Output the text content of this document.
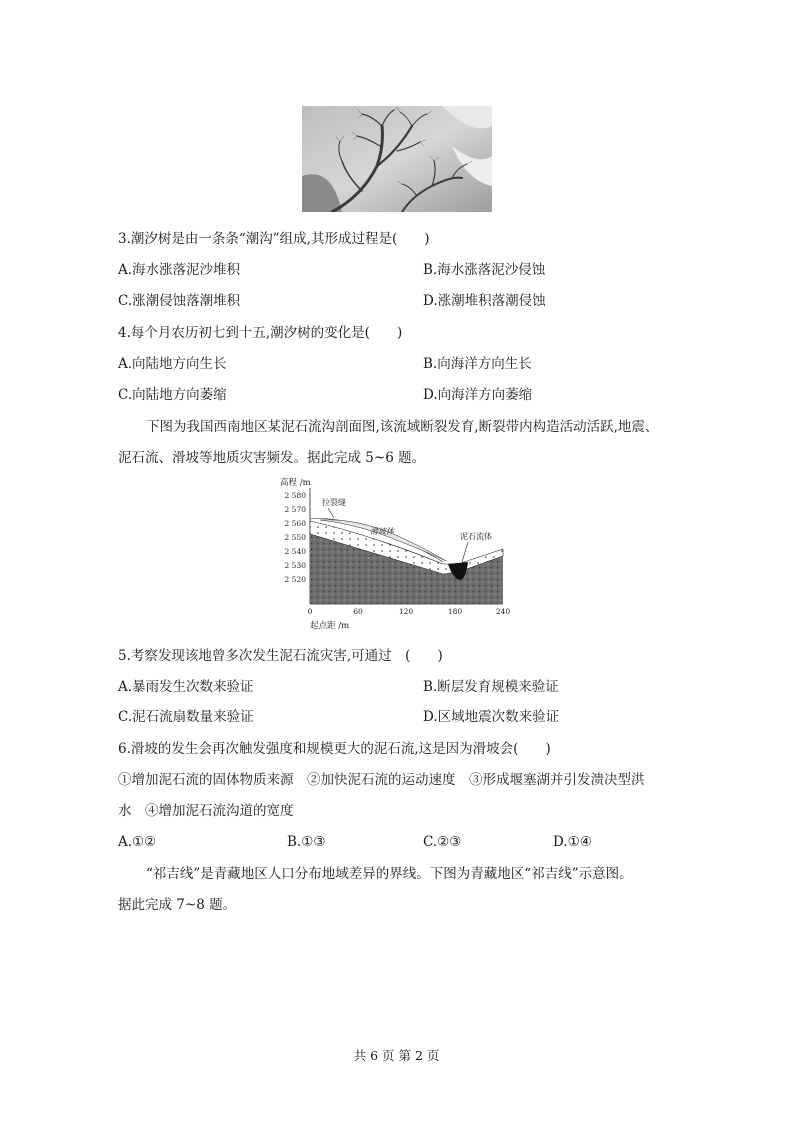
3.潮汐树是由一条条“潮沟”组成,其形成过程是(　　)
A.海水涨落泥沙堆积	B.海水涨落泥沙侵蚀
C.涨潮侵蚀落潮堆积	D.涨潮堆积落潮侵蚀
4.每个月农历初七到十五,潮汐树的变化是(　　)
A.向陆地方向生长	B.向海洋方向生长
C.向陆地方向萎缩	D.向海洋方向萎缩
下图为我国西南地区某泥石流沟剖面图,该流域断裂发育,断裂带内构造活动活跃,地震、
泥石流、滑坡等地质灾害频发。据此完成 5~6 题。
高程 /m
2 580
2 570
2 560
2 550
2 540
2 530
2 520
拉裂缝
滑坡体
泥石流体
0	60	120	180	240
起点距 /m
5.考察发现该地曾多次发生泥石流灾害,可通过　(　　)
A.暴雨发生次数来验证	B.断层发育规模来验证
C.泥石流扇数量来验证	D.区域地震次数来验证
6.滑坡的发生会再次触发强度和规模更大的泥石流,这是因为滑坡会(　　)
①增加泥石流的固体物质来源　②加快泥石流的运动速度　③形成堰塞湖并引发溃决型洪
水　④增加泥石流沟道的宽度
A.①②	B.①③	C.②③	D.①④
“祁吉线”是青藏地区人口分布地域差异的界线。下图为青藏地区“祁吉线”示意图。
据此完成 7~8 题。
共 6 页 第 2 页
